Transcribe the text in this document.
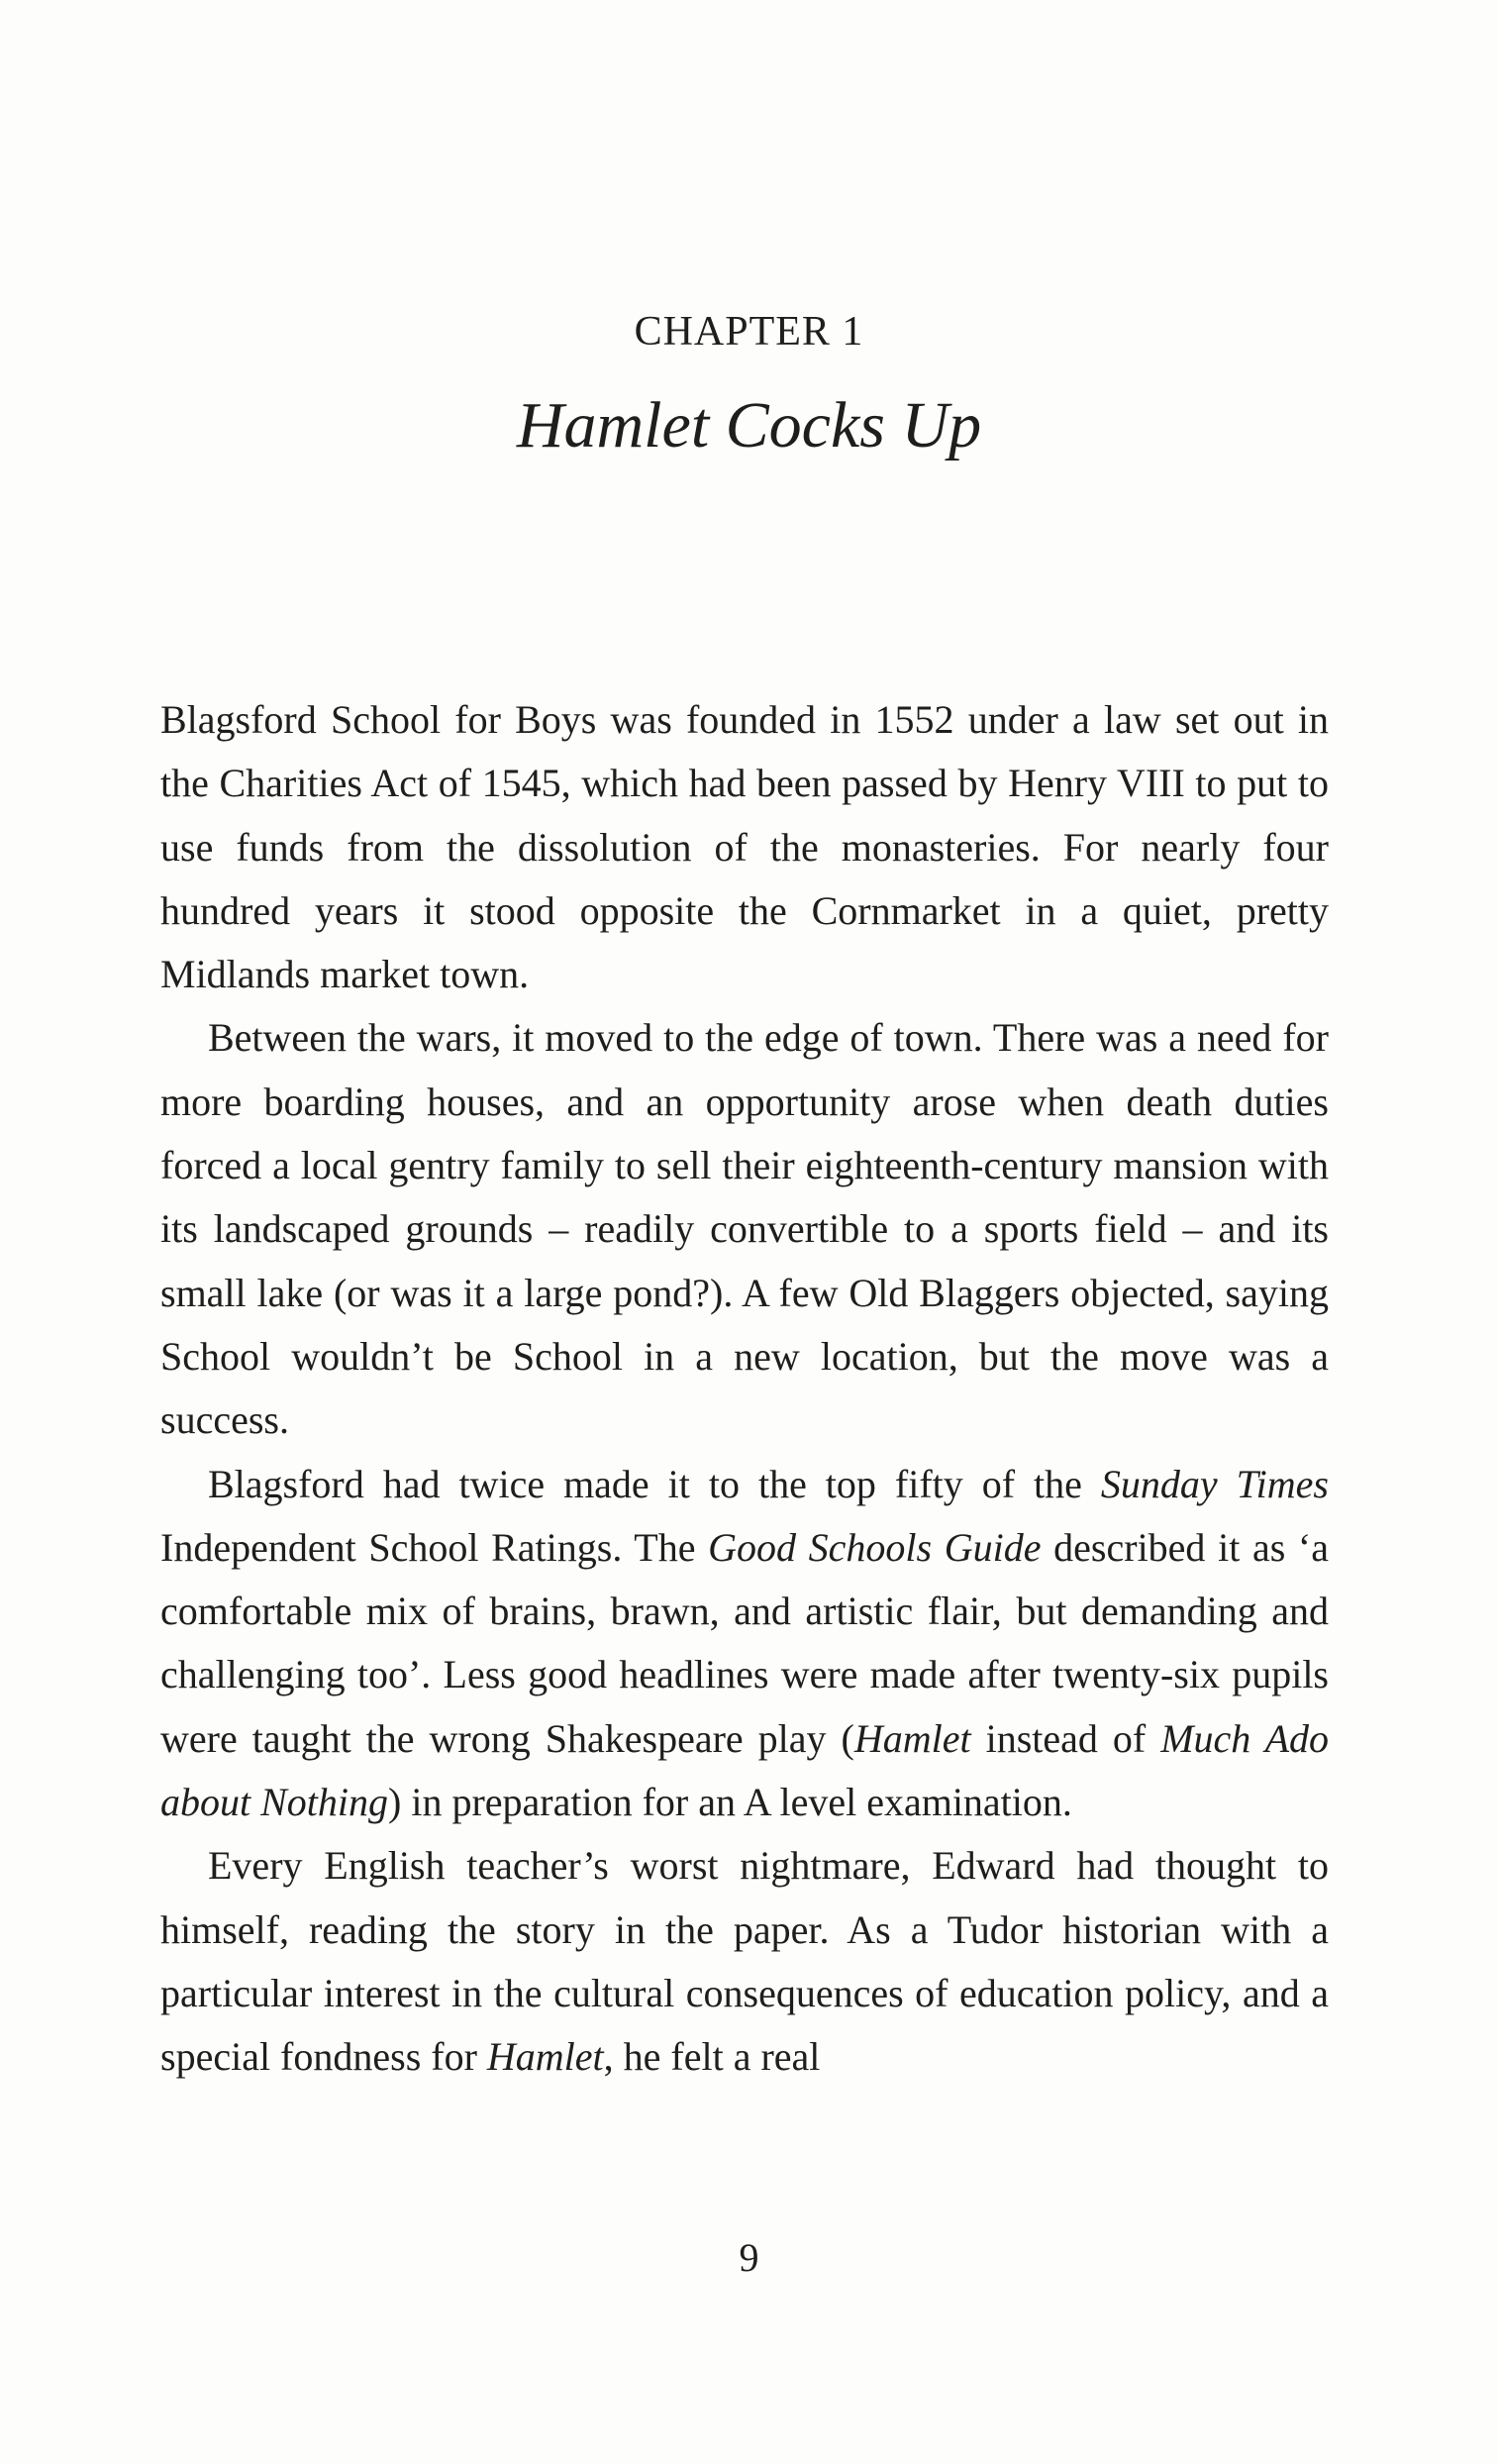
CHAPTER 1
Hamlet Cocks Up

Blagsford School for Boys was founded in 1552 under a law set out in the Charities Act of 1545, which had been passed by Henry VIII to put to use funds from the dissolution of the monasteries. For nearly four hundred years it stood opposite the Cornmarket in a quiet, pretty Midlands market town.

Between the wars, it moved to the edge of town. There was a need for more boarding houses, and an opportunity arose when death duties forced a local gentry family to sell their eighteenth-century mansion with its landscaped grounds – readily convertible to a sports field – and its small lake (or was it a large pond?). A few Old Blaggers objected, saying School wouldn’t be School in a new location, but the move was a success.

Blagsford had twice made it to the top fifty of the Sunday Times Independent School Ratings. The Good Schools Guide described it as ‘a comfortable mix of brains, brawn, and artistic flair, but demanding and challenging too’. Less good headlines were made after twenty-six pupils were taught the wrong Shakespeare play (Hamlet instead of Much Ado about Nothing) in preparation for an A level examination.

Every English teacher’s worst nightmare, Edward had thought to himself, reading the story in the paper. As a Tudor historian with a particular interest in the cultural consequences of education policy, and a special fondness for Hamlet, he felt a real

9
